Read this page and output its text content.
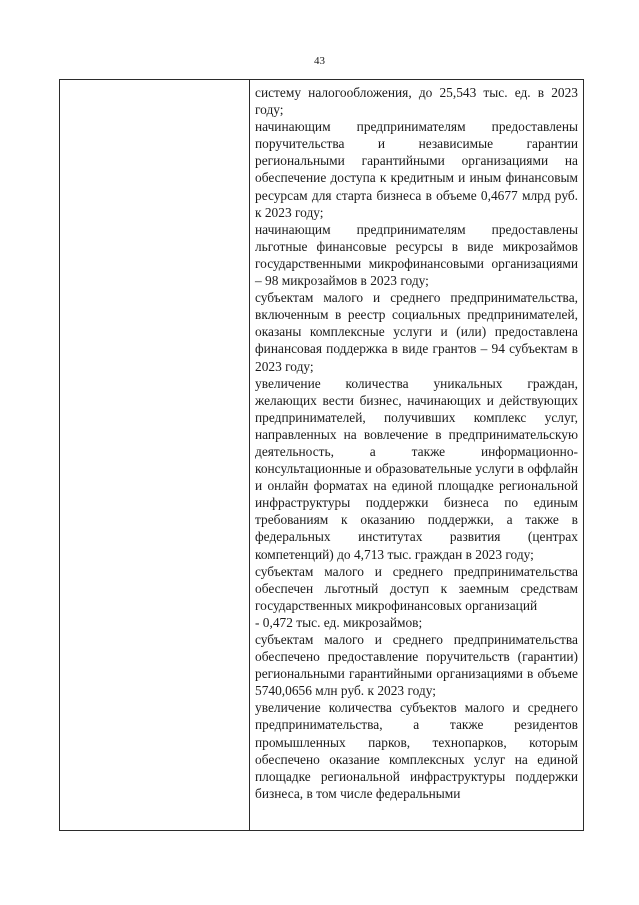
43

систему налогообложения, до 25,543 тыс. ед. в 2023 году;

начинающим предпринимателям предоставлены поручительства и независимые гарантии региональными гарантийными организациями на обеспечение доступа к кредитным и иным финансовым ресурсам для старта бизнеса в объеме 0,4677 млрд руб. к 2023 году;

начинающим предпринимателям предоставлены льготные финансовые ресурсы в виде микрозаймов государственными микрофинансовыми организациями – 98 микрозаймов в 2023 году;

субъектам малого и среднего предпринимательства, включенным в реестр социальных предпринимателей, оказаны комплексные услуги и (или) предоставлена финансовая поддержка в виде грантов – 94 субъектам в 2023 году;

увеличение количества уникальных граждан, желающих вести бизнес, начинающих и действующих предпринимателей, получивших комплекс услуг, направленных на вовлечение в предпринимательскую деятельность, а также информационно-консультационные и образовательные услуги в оффлайн и онлайн форматах на единой площадке региональной инфраструктуры поддержки бизнеса по единым требованиям к оказанию поддержки, а также в федеральных институтах развития (центрах компетенций) до 4,713 тыс. граждан в 2023 году;

субъектам малого и среднего предпринимательства обеспечен льготный доступ к заемным средствам государственных микрофинансовых организаций

- 0,472 тыс. ед. микрозаймов;

субъектам малого и среднего предпринимательства обеспечено предоставление поручительств (гарантии) региональными гарантийными организациями в объеме 5740,0656 млн руб. к 2023 году;

увеличение количества субъектов малого и среднего предпринимательства, а также резидентов промышленных парков, технопарков, которым обеспечено оказание комплексных услуг на единой площадке региональной инфраструктуры поддержки бизнеса, в том числе федеральными
